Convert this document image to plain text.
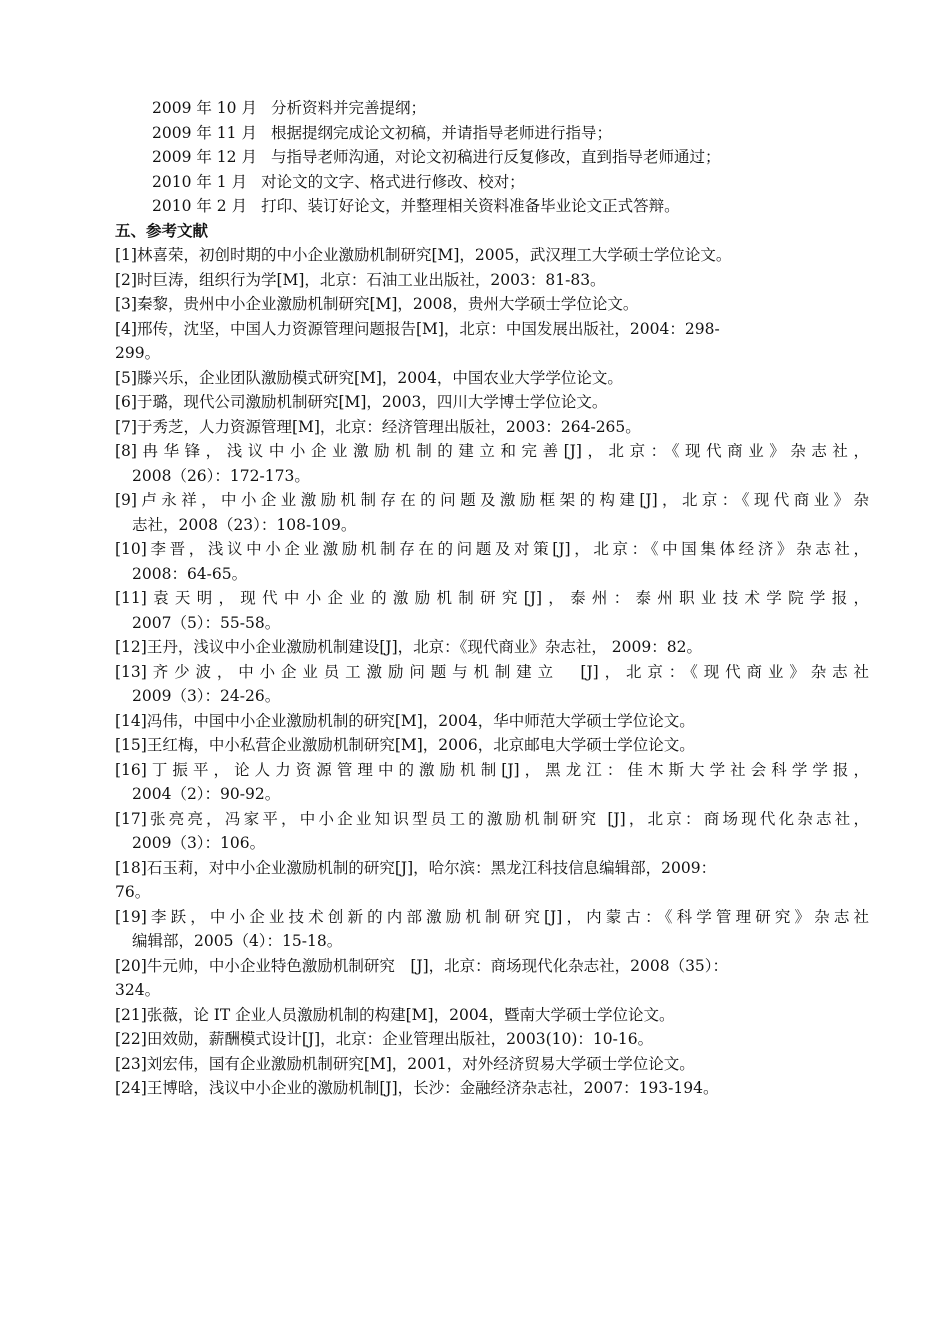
2009 年 10 月 分析资料并完善提纲；
2009 年 11 月 根据提纲完成论文初稿，并请指导老师进行指导；
2009 年 12 月 与指导老师沟通，对论文初稿进行反复修改，直到指导老师通过；
2010 年 1 月 对论文的文字、格式进行修改、校对；
2010 年 2 月 打印、装订好论文，并整理相关资料准备毕业论文正式答辩。
五、参考文献
[1]林喜荣，初创时期的中小企业激励机制研究[M]，2005，武汉理工大学硕士学位论文。
[2]时巨涛，组织行为学[M]，北京：石油工业出版社，2003：81-83。
[3]秦黎，贵州中小企业激励机制研究[M]，2008，贵州大学硕士学位论文。
[4]邢传，沈坚，中国人力资源管理问题报告[M]，北京：中国发展出版社，2004：298-
299。
[5]滕兴乐，企业团队激励模式研究[M]，2004，中国农业大学学位论文。
[6]于璐，现代公司激励机制研究[M]，2003，四川大学博士学位论文。
[7]于秀芝，人力资源管理[M]，北京：经济管理出版社，2003：264-265。
[8]冉华锋，浅议中小企业激励机制的建立和完善[J]，北京：《现代商业》杂志社，
2008（26）：172-173。
[9]卢永祥，中小企业激励机制存在的问题及激励框架的构建[J]，北京：《现代商业》杂
志社，2008（23）：108-109。
[10]李晋，浅议中小企业激励机制存在的问题及对策[J]，北京：《中国集体经济》杂志社，
2008：64-65。
[11]袁天明，现代中小企业的激励机制研究[J]，泰州：泰州职业技术学院学报，
2007（5）：55-58。
[12]王丹，浅议中小企业激励机制建设[J]，北京：《现代商业》杂志社， 2009：82。
[13]齐少波，中小企业员工激励问题与机制建立　[J]，北京：《现代商业》杂志社
2009（3）：24-26。
[14]冯伟，中国中小企业激励机制的研究[M]，2004，华中师范大学硕士学位论文。
[15]王红梅，中小私营企业激励机制研究[M]，2006，北京邮电大学硕士学位论文。
[16]丁振平，论人力资源管理中的激励机制[J]，黑龙江：佳木斯大学社会科学学报，
2004（2）：90-92。
[17]张亮亮，冯家平，中小企业知识型员工的激励机制研究 [J]，北京：商场现代化杂志社，
2009（3）：106。
[18]石玉莉，对中小企业激励机制的研究[J]，哈尔滨：黑龙江科技信息编辑部，2009：
76。
[19]李跃，中小企业技术创新的内部激励机制研究[J]，内蒙古：《科学管理研究》杂志社
编辑部，2005（4）：15-18。
[20]牛元帅，中小企业特色激励机制研究　[J]，北京：商场现代化杂志社，2008（35）：
324。
[21]张薇，论 IT 企业人员激励机制的构建[M]，2004，暨南大学硕士学位论文。
[22]田效勋，薪酬模式设计[J]，北京：企业管理出版社，2003(10)：10-16。
[23]刘宏伟，国有企业激励机制研究[M]，2001，对外经济贸易大学硕士学位论文。
[24]王博晗，浅议中小企业的激励机制[J]，长沙：金融经济杂志社，2007：193-194。
